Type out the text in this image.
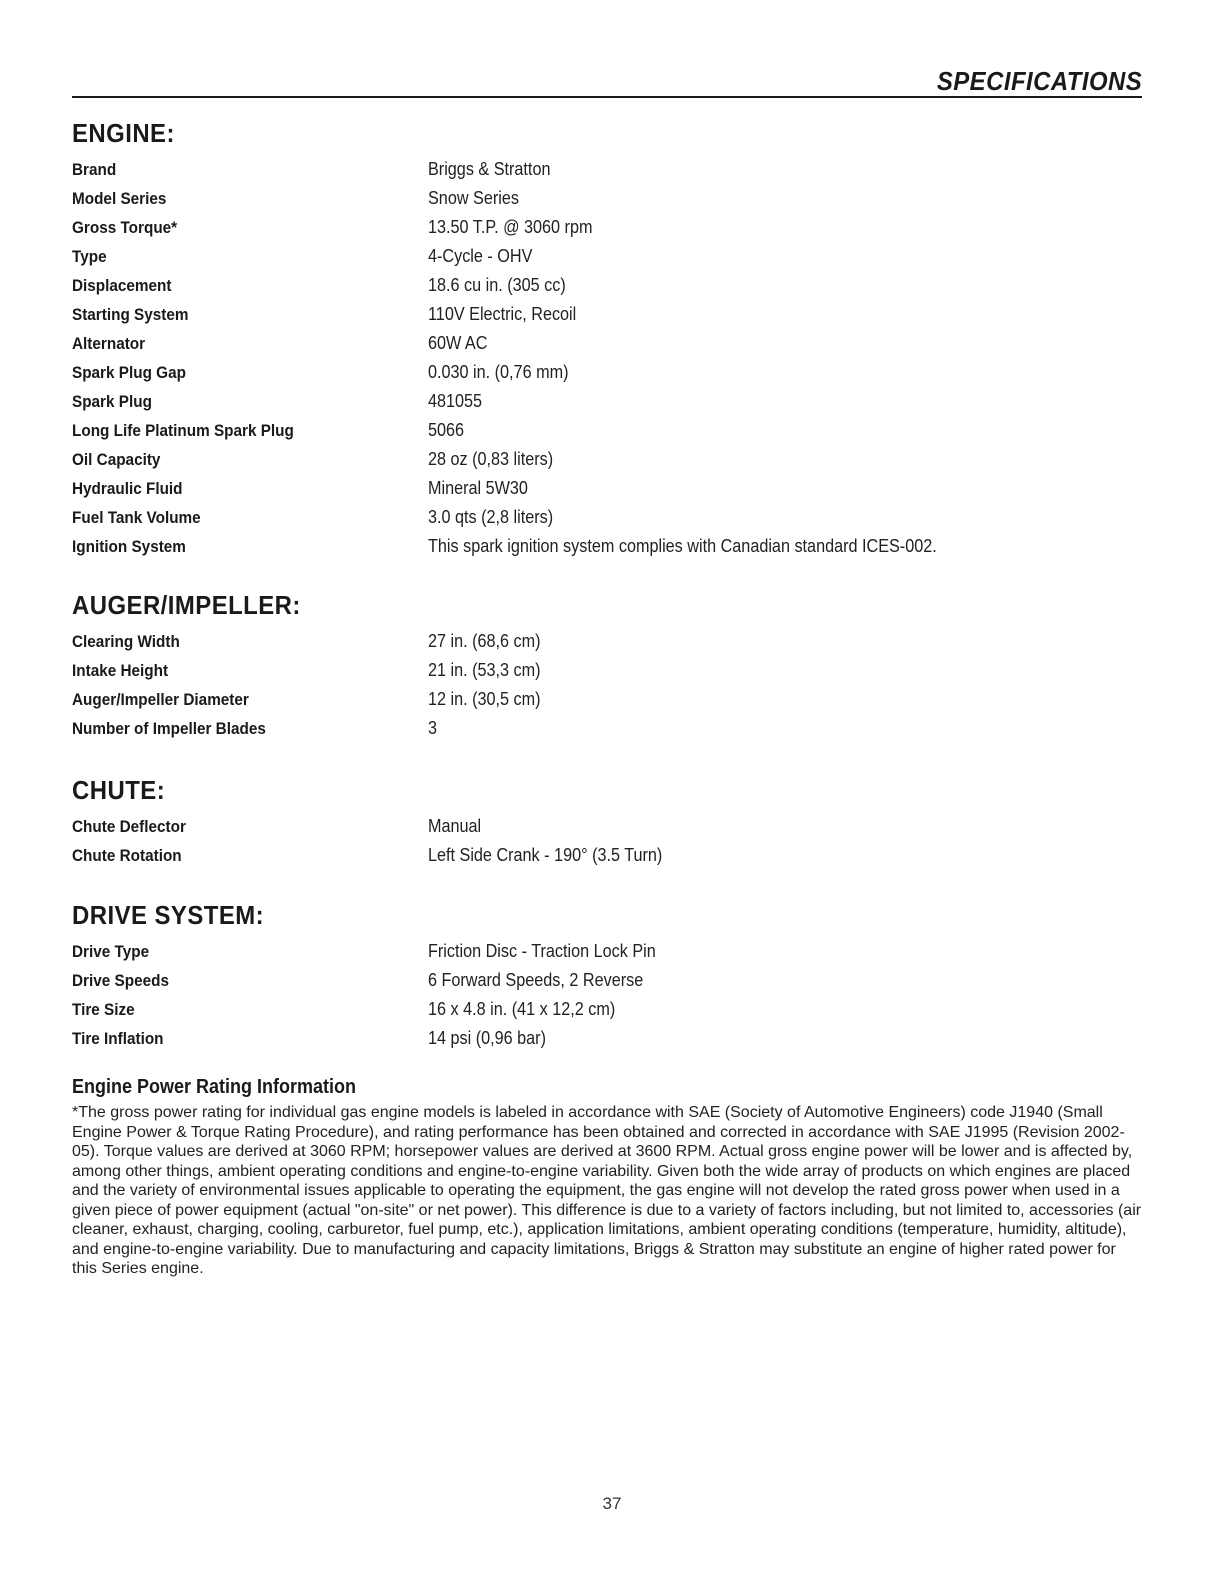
SPECIFICATIONS
ENGINE:
Brand	Briggs & Stratton
Model Series	Snow Series
Gross Torque*	13.50 T.P. @ 3060 rpm
Type	4-Cycle - OHV
Displacement	18.6 cu in. (305 cc)
Starting System	110V Electric, Recoil
Alternator	60W AC
Spark Plug Gap	0.030 in. (0,76 mm)
Spark Plug	481055
Long Life Platinum Spark Plug	5066
Oil Capacity	28 oz (0,83 liters)
Hydraulic Fluid	Mineral 5W30
Fuel Tank Volume	3.0 qts (2,8 liters)
Ignition System	This spark ignition system complies with Canadian standard ICES-002.
AUGER/IMPELLER:
Clearing Width	27 in. (68,6 cm)
Intake Height	21 in. (53,3 cm)
Auger/Impeller Diameter	12 in. (30,5 cm)
Number of Impeller Blades	3
CHUTE:
Chute Deflector	Manual
Chute Rotation	Left Side Crank - 190° (3.5 Turn)
DRIVE SYSTEM:
Drive Type	Friction Disc - Traction Lock Pin
Drive Speeds	6 Forward Speeds, 2 Reverse
Tire Size	16 x 4.8 in. (41 x 12,2 cm)
Tire Inflation	14 psi (0,96 bar)
Engine Power Rating Information

*The gross power rating for individual gas engine models is labeled in accordance with SAE (Society of Automotive Engineers) code J1940 (Small Engine Power & Torque Rating Procedure), and rating performance has been obtained and corrected in accordance with SAE J1995 (Revision 2002-05). Torque values are derived at 3060 RPM; horsepower values are derived at 3600 RPM. Actual gross engine power will be lower and is affected by, among other things, ambient operating conditions and engine-to-engine variability. Given both the wide array of products on which engines are placed and the variety of environmental issues applicable to operating the equipment, the gas engine will not develop the rated gross power when used in a given piece of power equipment (actual "on-site" or net power). This difference is due to a variety of factors including, but not limited to, accessories (air cleaner, exhaust, charging, cooling, carburetor, fuel pump, etc.), application limitations, ambient operating conditions (temperature, humidity, altitude), and engine-to-engine variability. Due to manufacturing and capacity limitations, Briggs & Stratton may substitute an engine of higher rated power for this Series engine.

37
